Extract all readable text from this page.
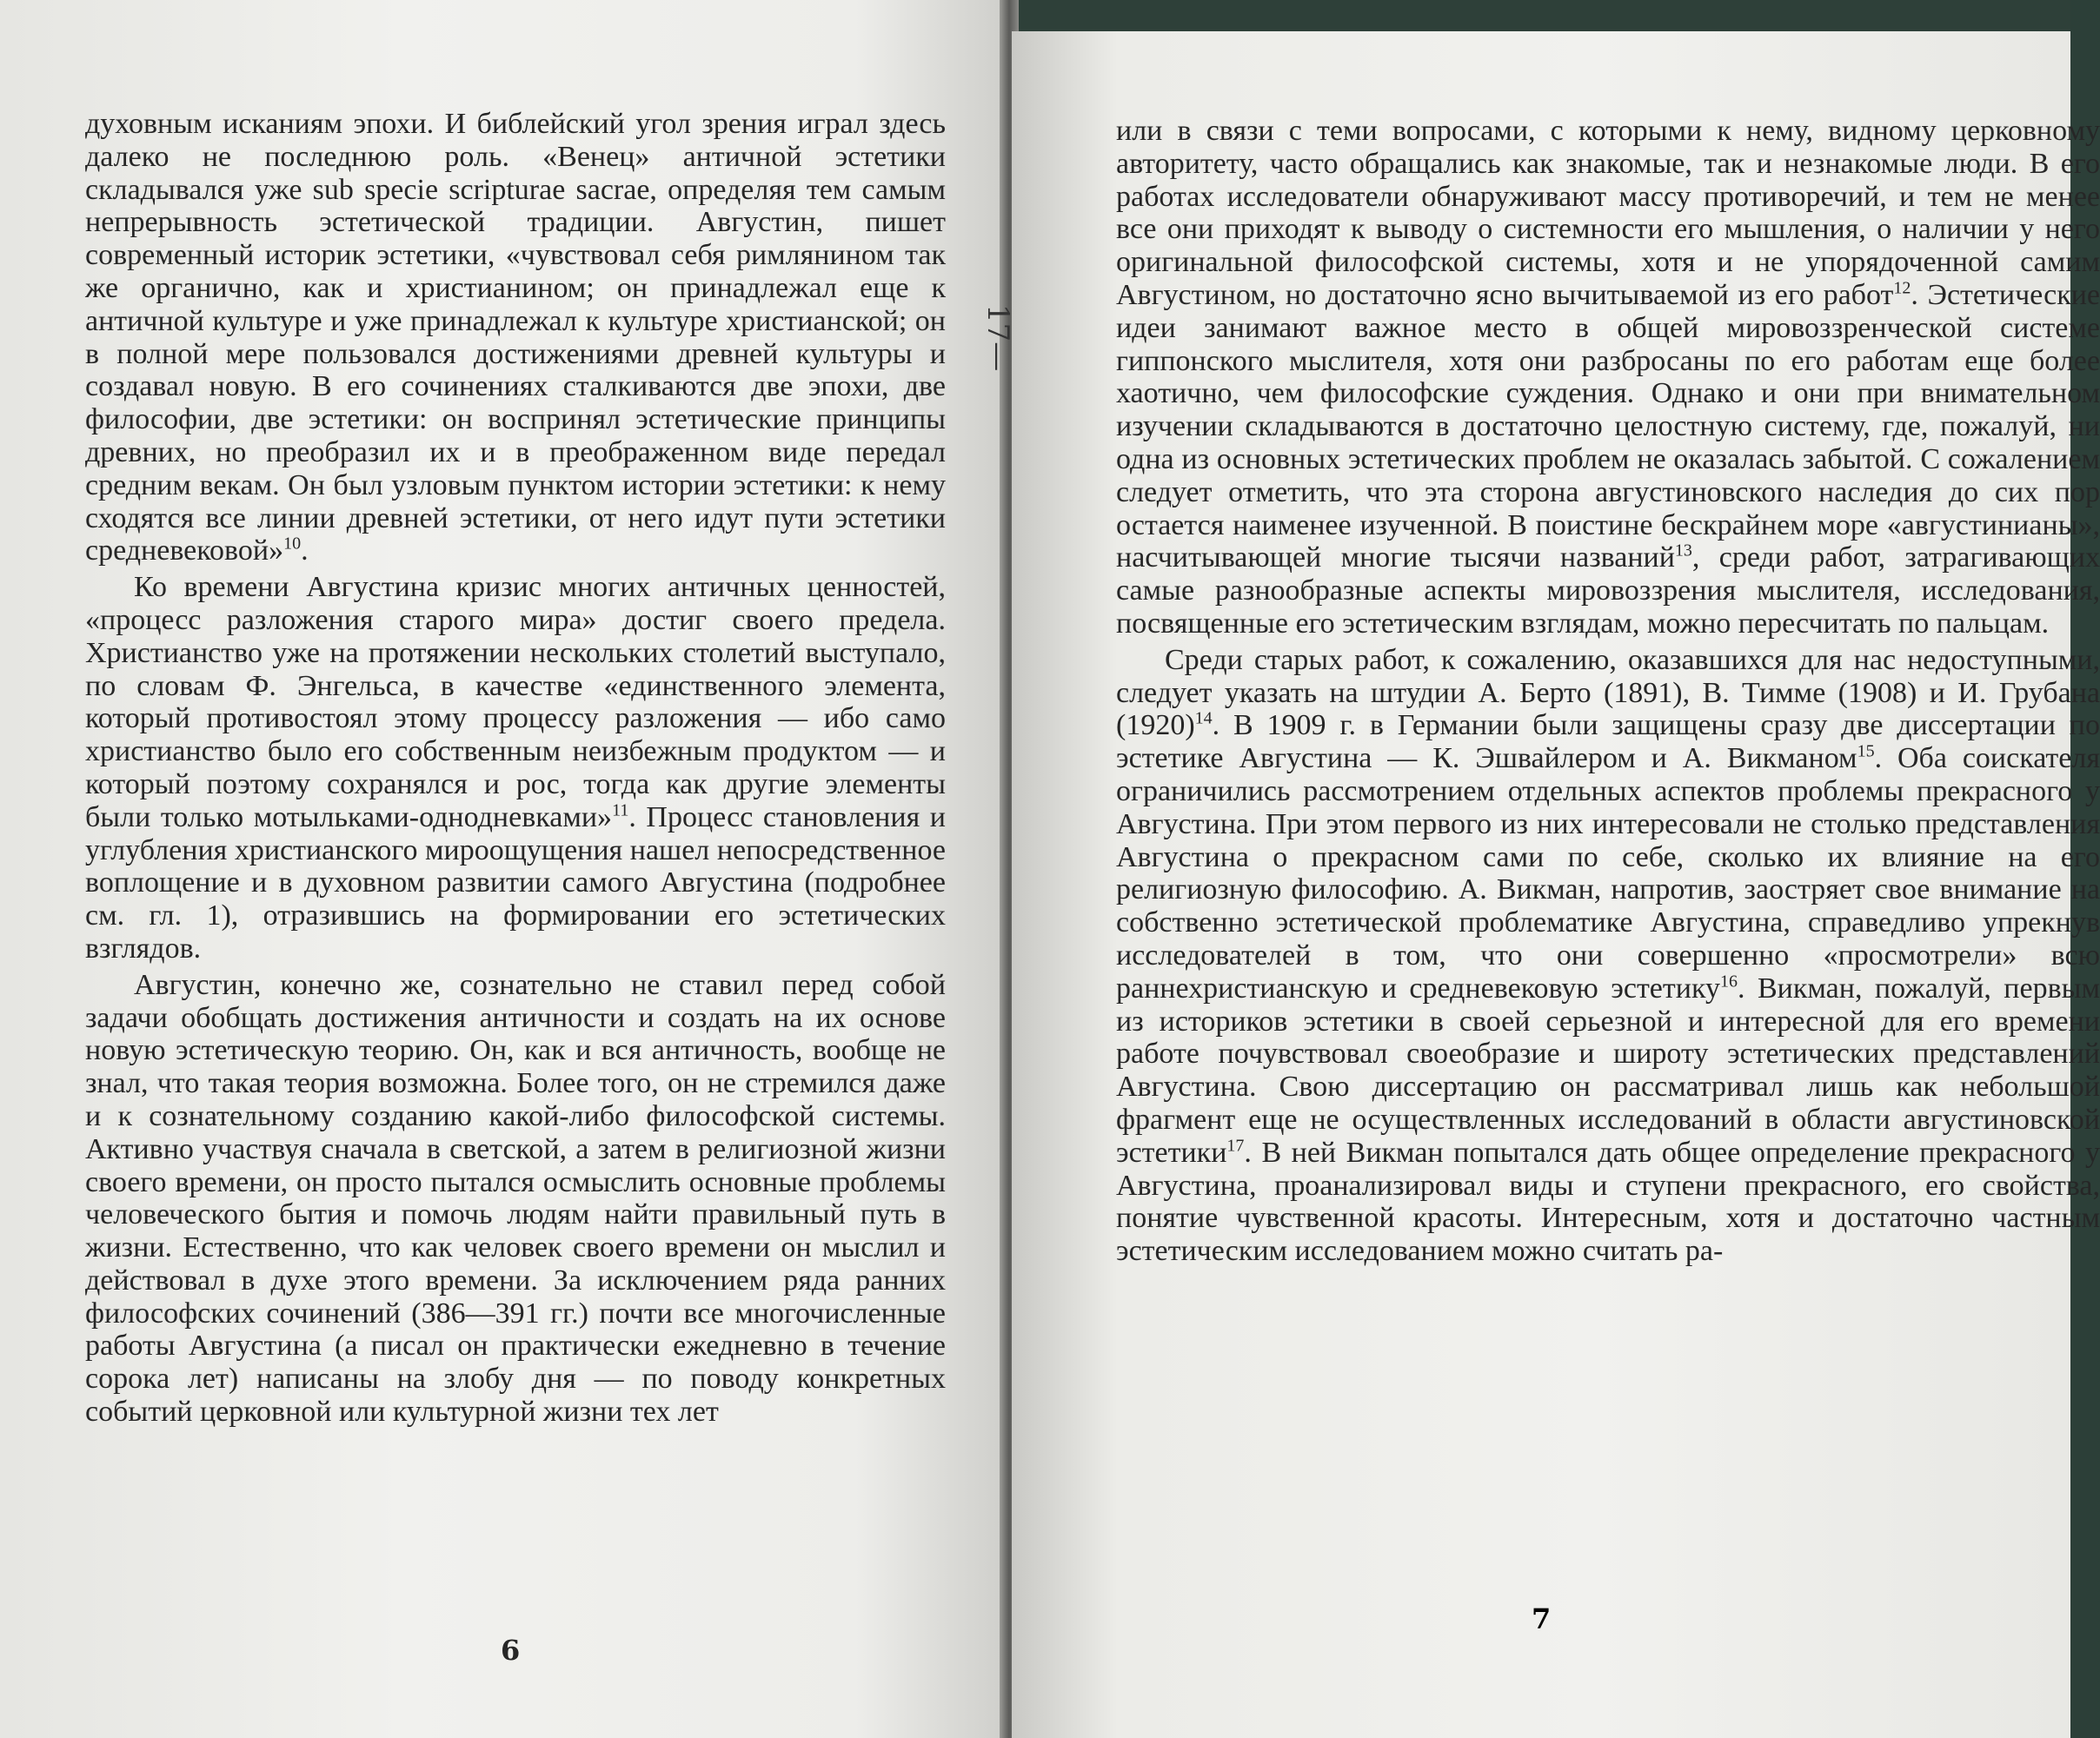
духовным исканиям эпохи. И библейский угол зрения играл здесь далеко не последнюю роль. «Венец» античной эстетики складывался уже sub specie scripturae sacrae, определяя тем самым непрерывность эстетической традиции. Августин, пишет современный историк эстетики, «чувствовал себя римлянином так же органично, как и христианином; он принадлежал еще к античной культуре и уже принадлежал к культуре христианской; он в полной мере пользовался достижениями древней культуры и создавал новую. В его сочинениях сталкиваются две эпохи, две философии, две эстетики: он воспринял эстетические принципы древних, но преобразил их и в преображенном виде передал средним векам. Он был узловым пунктом истории эстетики: к нему сходятся все линии древней эстетики, от него идут пути эстетики средневековой»$^{10}$.

Ко времени Августина кризис многих античных ценностей, «процесс разложения старого мира» достиг своего предела. Христианство уже на протяжении нескольких столетий выступало, по словам Ф. Энгельса, в качестве «единственного элемента, который противостоял этому процессу разложения — ибо само христианство было его собственным неизбежным продуктом — и который поэтому сохранялся и рос, тогда как другие элементы были только мотыльками-однодневками»$^{11}$. Процесс становления и углубления христианского мироощущения нашел непосредственное воплощение и в духовном развитии самого Августина (подробнее см. гл. 1), отразившись на формировании его эстетических взглядов.

Августин, конечно же, сознательно не ставил перед собой задачи обобщать достижения античности и создать на их основе новую эстетическую теорию. Он, как и вся античность, вообще не знал, что такая теория возможна. Более того, он не стремился даже и к сознательному созданию какой-либо философской системы. Активно участвуя сначала в светской, а затем в религиозной жизни своего времени, он просто пытался осмыслить основные проблемы человеческого бытия и помочь людям найти правильный путь в жизни. Естественно, что как человек своего времени он мыслил и действовал в духе этого времени. За исключением ряда ранних философских сочинений (386—391 гг.) почти все многочисленные работы Августина (а писал он практически ежедневно в течение сорока лет) написаны на злобу дня — по поводу конкретных событий церковной или культурной жизни тех лет

6

или в связи с теми вопросами, с которыми к нему, видному церковному авторитету, часто обращались как знакомые, так и незнакомые люди. В его работах исследователи обнаруживают массу противоречий, и тем не менее все они приходят к выводу о системности его мышления, о наличии у него оригинальной философской системы, хотя и не упорядоченной самим Августином, но достаточно ясно вычитываемой из его работ$^{12}$. Эстетические идеи занимают важное место в общей мировоззренческой системе гиппонского мыслителя, хотя они разбросаны по его работам еще более хаотично, чем философские суждения. Однако и они при внимательном изучении складываются в достаточно целостную систему, где, пожалуй, ни одна из основных эстетических проблем не оказалась забытой. С сожалением следует отметить, что эта сторона августиновского наследия до сих пор остается наименее изученной. В поистине бескрайнем море «августинианы», насчитывающей многие тысячи названий$^{13}$, среди работ, затрагивающих самые разнообразные аспекты мировоззрения мыслителя, исследования, посвященные его эстетическим взглядам, можно пересчитать по пальцам.

Среди старых работ, к сожалению, оказавшихся для нас недоступными, следует указать на штудии А. Берто (1891), В. Тимме (1908) и И. Грубана $(1920)^{14}$. В 1909 г. в Германии были защищены сразу две диссертации по эстетике Августина — К. Эшвайлером и А. Викманом$^{15}$. Оба соискателя ограничились рассмотрением отдельных аспектов проблемы прекрасного у Августина. При этом первого из них интересовали не столько представления Августина о прекрасном сами по себе, сколько их влияние на его религиозную философию. А. Викман, напротив, заостряет свое внимание на собственно эстетической проблематике Августина, справедливо упрекнув исследователей в том, что они совершенно «просмотрели» всю раннехристианскую и средневековую эстетику$^{16}$. Викман, пожалуй, первым из историков эстетики в своей серьезной и интересной для его времени работе почувствовал своеобразие и широту эстетических представлений Августина. Свою диссертацию он рассматривал лишь как небольшой фрагмент еще не осуществленных исследований в области августиновской эстетики$^{17}$. В ней Викман попытался дать общее определение прекрасного у Августина, проанализировал виды и ступени прекрасного, его свойства, понятие чувственной красоты. Интересным, хотя и достаточно частным эстетическим исследованием можно считать ра-

7
17—
